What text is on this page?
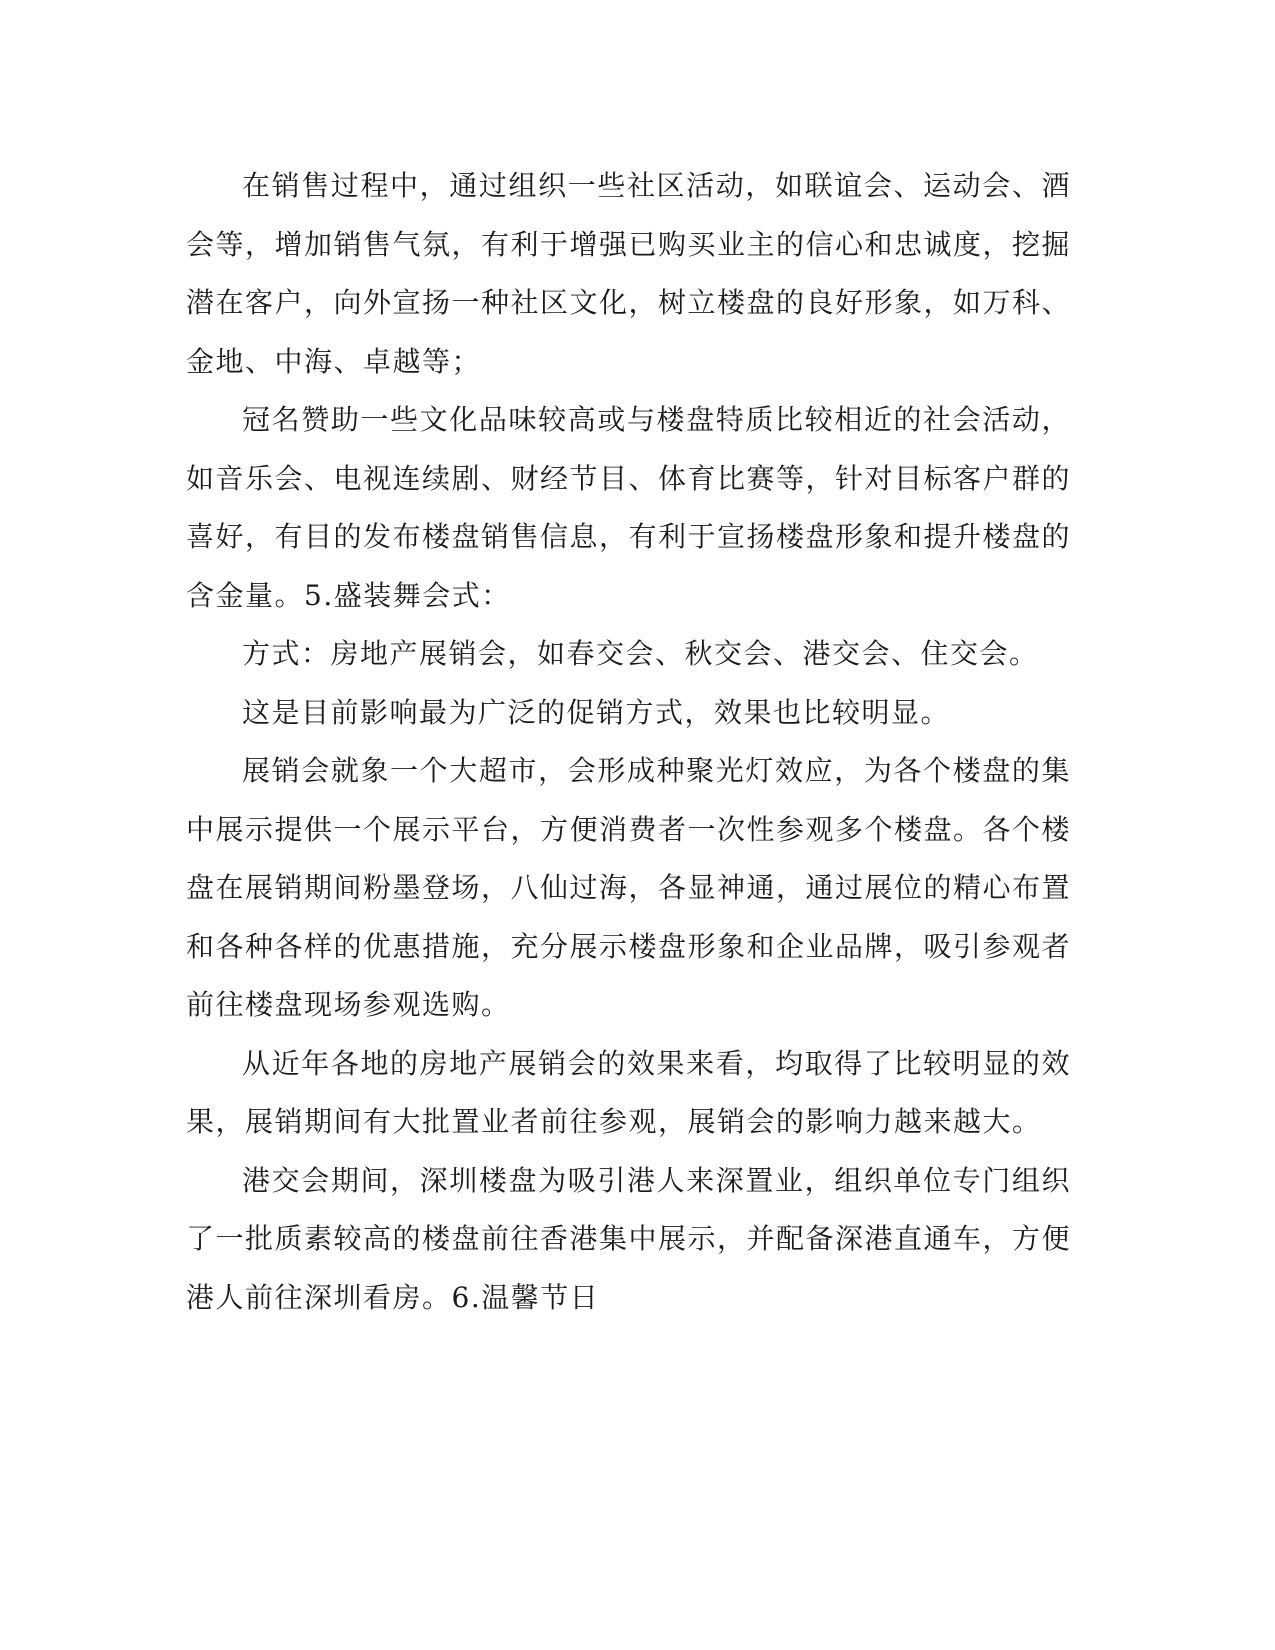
在销售过程中，通过组织一些社区活动，如联谊会、运动会、酒会等，增加销售气氛，有利于增强已购买业主的信心和忠诚度，挖掘潜在客户，向外宣扬一种社区文化，树立楼盘的良好形象，如万科、金地、中海、卓越等；

冠名赞助一些文化品味较高或与楼盘特质比较相近的社会活动，如音乐会、电视连续剧、财经节目、体育比赛等，针对目标客户群的喜好，有目的发布楼盘销售信息，有利于宣扬楼盘形象和提升楼盘的含金量。5.盛装舞会式：

方式：房地产展销会，如春交会、秋交会、港交会、住交会。

这是目前影响最为广泛的促销方式，效果也比较明显。

展销会就象一个大超市，会形成种聚光灯效应，为各个楼盘的集中展示提供一个展示平台，方便消费者一次性参观多个楼盘。各个楼盘在展销期间粉墨登场，八仙过海，各显神通，通过展位的精心布置和各种各样的优惠措施，充分展示楼盘形象和企业品牌，吸引参观者前往楼盘现场参观选购。

从近年各地的房地产展销会的效果来看，均取得了比较明显的效果，展销期间有大批置业者前往参观，展销会的影响力越来越大。

港交会期间，深圳楼盘为吸引港人来深置业，组织单位专门组织了一批质素较高的楼盘前往香港集中展示，并配备深港直通车，方便港人前往深圳看房。6.温馨节日
